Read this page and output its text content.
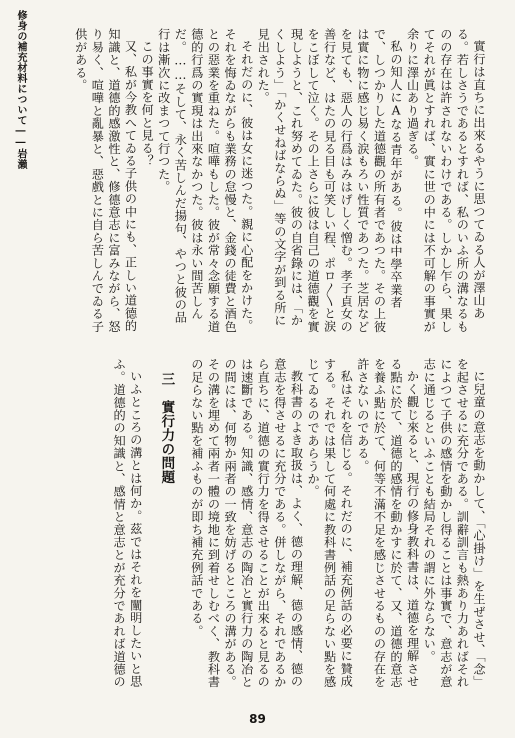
修身の補充材料について――岩瀨	實行は直ちに出來るやうに思つてゐる人が澤山ある。若しさうであるとすれば、私のいふ所の溝なるものの存在は許されないわけである。しかし乍ら、果してそれが眞とすれば、實に世の中には不可解の事實が余りに澤山あり過ぎる。

私の知人にAなる青年がある。彼は中學卒業者で、しつかりした道德觀の所有者であつた。その上彼は實に物に感じ易く涙もろい性質であつた。芝居などを見ても、惡人の行爲はみはげしく憎む。孝子貞女の善行など、はたの見る目も可笑しい程、ポロ〱と涙をこぼして泣く。その上さらに彼は自己の道德觀を實現しようと、これ努めてゐた。彼の自省錄には、「かくしよう」「かくせねばならぬ」等の文字が到る所に見出された。

それだのに、彼は女に迷つた。親に心配をかけた。それを悔ゐながらも業務の怠慢と、金錢の徒費と酒色との惡業を重ねた。喧嘩もした。彼が常々念願する道德的行爲の實現は出來なかつた。彼は永い間苦しんだ。……そして、永く苦しんだ揚句、やつと彼の品行は漸次に改まつて行つた。

この事實を何と見る？

又、私が今教へてゐる子供の中にも、正しい道德的知識と、道德的感激性と、修德意志に富みながら、怒り易く、喧嘩と亂暴と、惡戲とに自ら苦しんでゐる子供がある。

に兒童の意志を動かして、「心掛け」を生ぜさせ、「念」を起させるに充分である。訓辭訓言も熱あり力あればそれによつて子供の感情を動かし得ることは事實で、意志が意志に通じるといふことも結局それの謂に外ならない。

かく觀じ來ると、現行の修身教科書は、道德を理解させる點に於て、道德的感情を動かすに於て、又、道德的意志を養ふ點に於て、何等不滿不足を感じさせるものの存在を許さないのである。

私はそれを信じる。それだのに、補充例話の必要に贊成する。それでは果して何處に教科書例話の足らない點を感じてゐるのであらうか。

教科書のよき取扱は、よく、德の理解、德の感情、德の意志を得させるに充分である。併しながら、それであるから直ちに、道德の實行力を得させることが出來ると見るのは速斷である。知識、感情、意志の陶冶と實行力の陶冶との間には、何物か兩者の一致を妨げるところの溝がある。その溝を埋めて兩者一體の境地に到着せしむべく、教科書の足らない點を補ふものが即ち補充例話である。

三　實行力の問題

いふところの溝とは何か。茲ではそれを闡明したいと思ふ。道德的の知識と、感情と意志とが充分であれば道德の

89
